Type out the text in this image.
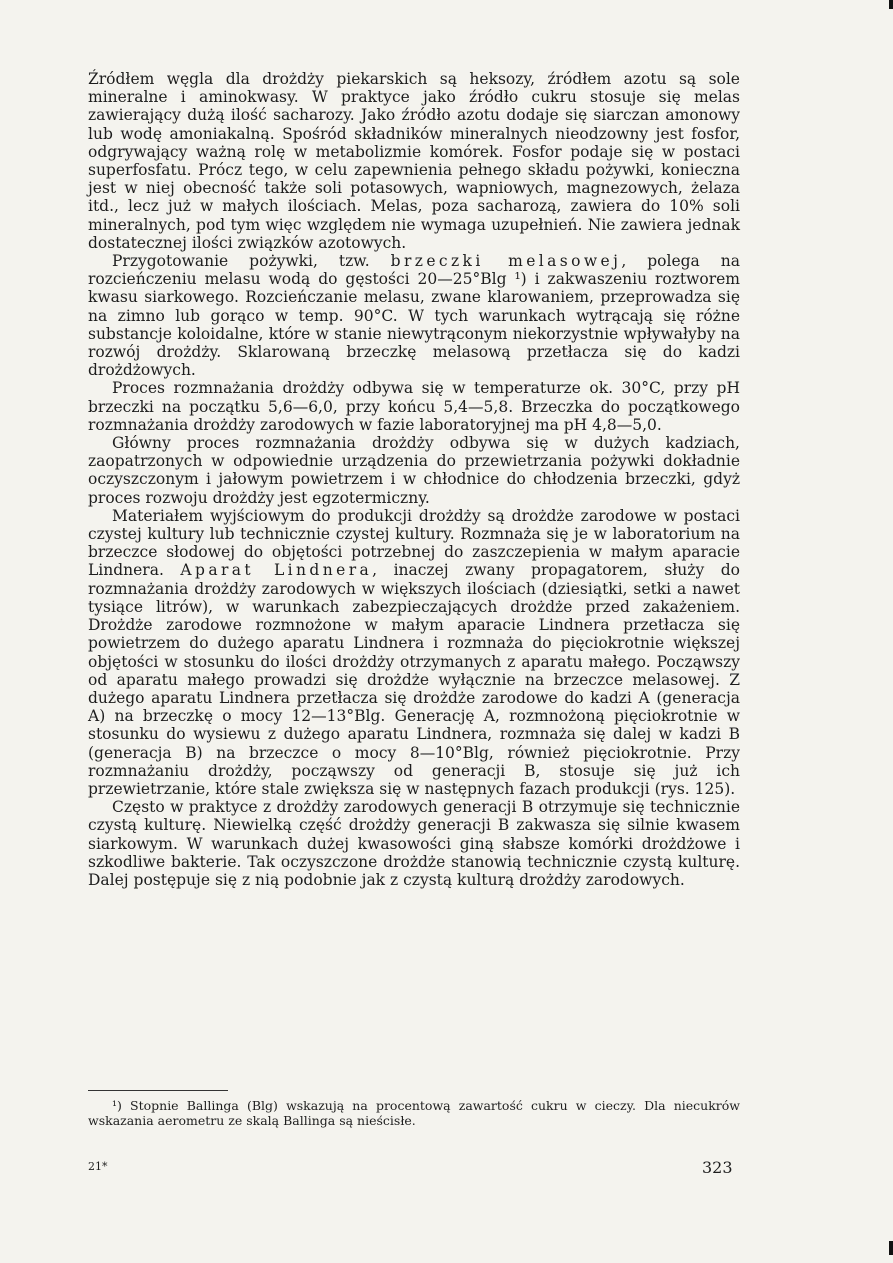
Źródłem węgla dla drożdży piekarskich są heksozy, źródłem azotu są sole mineralne i aminokwasy. W praktyce jako źródło cukru stosuje się melas zawierający dużą ilość sacharozy. Jako źródło azotu dodaje się siarczan amonowy lub wodę amoniakalną. Spośród składników mineralnych nieodzowny jest fosfor, odgrywający ważną rolę w metabolizmie komórek. Fosfor podaje się w postaci superfosfatu. Prócz tego, w celu zapewnienia pełnego składu pożywki, konieczna jest w niej obecność także soli potasowych, wapniowych, magnezowych, żelaza itd., lecz już w małych ilościach. Melas, poza sacharozą, zawiera do 10% soli mineralnych, pod tym więc względem nie wymaga uzupełnień. Nie zawiera jednak dostatecznej ilości związków azotowych.

Przygotowanie pożywki, tzw. brzeczki melasowej, polega na rozcieńczeniu melasu wodą do gęstości 20—25°Blg ¹) i zakwaszeniu roztworem kwasu siarkowego. Rozcieńczanie melasu, zwane klarowaniem, przeprowadza się na zimno lub gorąco w temp. 90°C. W tych warunkach wytrącają się różne substancje koloidalne, które w stanie niewytrąconym niekorzystnie wpływałyby na rozwój drożdży. Sklarowaną brzeczkę melasową przetłacza się do kadzi drożdżowych.

Proces rozmnażania drożdży odbywa się w temperaturze ok. 30°C, przy pH brzeczki na początku 5,6—6,0, przy końcu 5,4—5,8. Brzeczka do początkowego rozmnażania drożdży zarodowych w fazie laboratoryjnej ma pH 4,8—5,0.

Główny proces rozmnażania drożdży odbywa się w dużych kadziach, zaopatrzonych w odpowiednie urządzenia do przewietrzania pożywki dokładnie oczyszczonym i jałowym powietrzem i w chłodnice do chłodzenia brzeczki, gdyż proces rozwoju drożdży jest egzotermiczny.

Materiałem wyjściowym do produkcji drożdży są drożdże zarodowe w postaci czystej kultury lub technicznie czystej kultury. Rozmnaża się je w laboratorium na brzeczce słodowej do objętości potrzebnej do zaszczepienia w małym aparacie Lindnera. Aparat Lindnera, inaczej zwany propagatorem, służy do rozmnażania drożdży zarodowych w większych ilościach (dziesiątki, setki a nawet tysiące litrów), w warunkach zabezpieczających drożdże przed zakażeniem. Drożdże zarodowe rozmnożone w małym aparacie Lindnera przetłacza się powietrzem do dużego aparatu Lindnera i rozmnaża do pięciokrotnie większej objętości w stosunku do ilości drożdży otrzymanych z aparatu małego. Począwszy od aparatu małego prowadzi się drożdże wyłącznie na brzeczce melasowej. Z dużego aparatu Lindnera przetłacza się drożdże zarodowe do kadzi A (generacja A) na brzeczkę o mocy 12—13°Blg. Generację A, rozmnożoną pięciokrotnie w stosunku do wysiewu z dużego aparatu Lindnera, rozmnaża się dalej w kadzi B (generacja B) na brzeczce o mocy 8—10°Blg, również pięciokrotnie. Przy rozmnażaniu drożdży, począwszy od generacji B, stosuje się już ich przewietrzanie, które stale zwiększa się w następnych fazach produkcji (rys. 125).

Często w praktyce z drożdży zarodowych generacji B otrzymuje się technicznie czystą kulturę. Niewielką część drożdży generacji B zakwasza się silnie kwasem siarkowym. W warunkach dużej kwasowości giną słabsze komórki drożdżowe i szkodliwe bakterie. Tak oczyszczone drożdże stanowią technicznie czystą kulturę. Dalej postępuje się z nią podobnie jak z czystą kulturą drożdży zarodowych.

¹) Stopnie Ballinga (Blg) wskazują na procentową zawartość cukru w cieczy. Dla niecukrów wskazania aerometru ze skalą Ballinga są nieścisłe.
21*	323
